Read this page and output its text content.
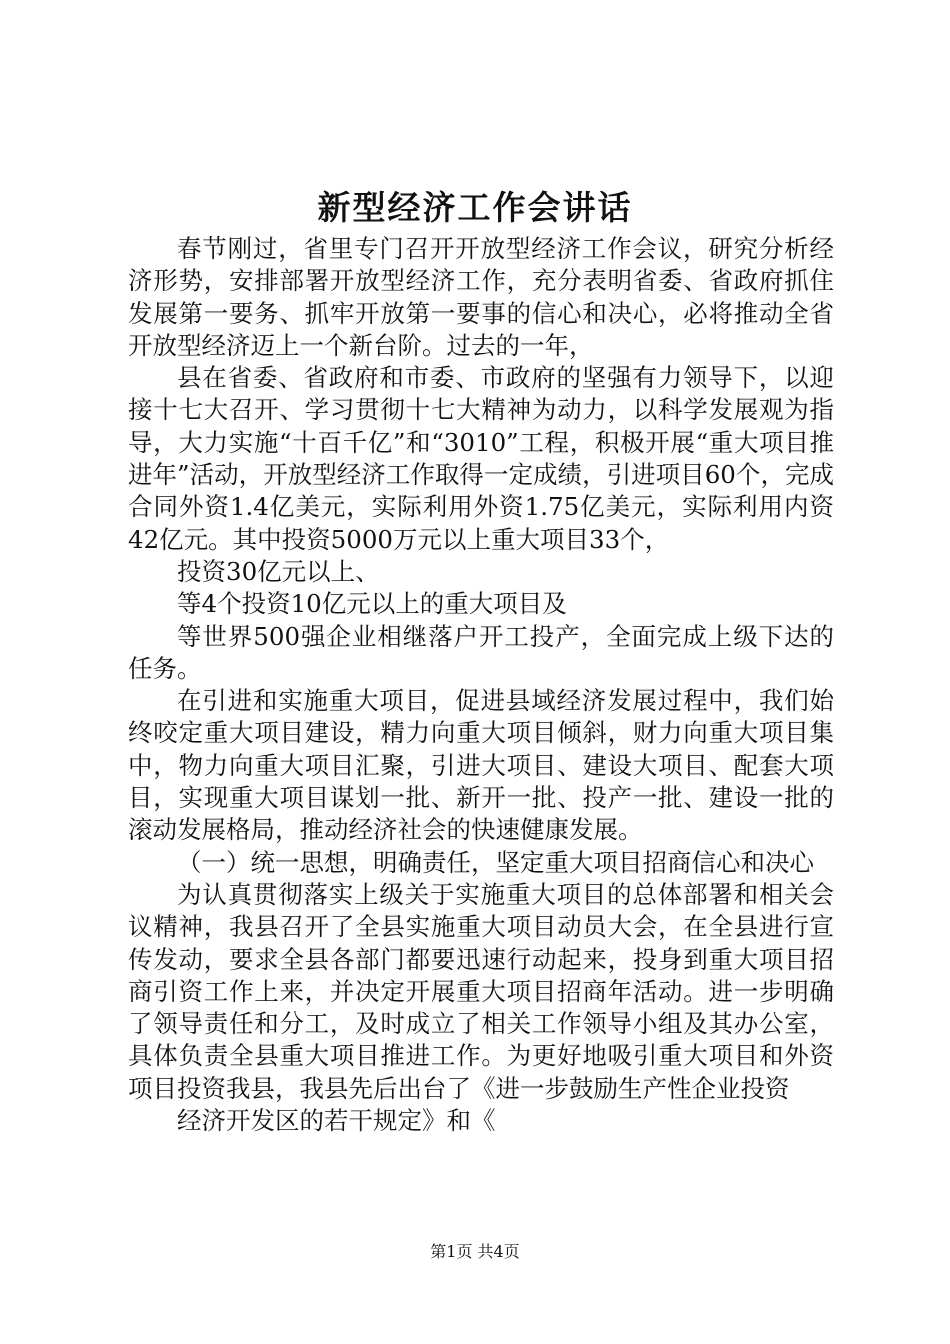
新型经济工作会讲话

春节刚过，省里专门召开开放型经济工作会议，研究分析经济形势，安排部署开放型经济工作，充分表明省委、省政府抓住发展第一要务、抓牢开放第一要事的信心和决心，必将推动全省开放型经济迈上一个新台阶。过去的一年，

县在省委、省政府和市委、市政府的坚强有力领导下，以迎接十七大召开、学习贯彻十七大精神为动力，以科学发展观为指导，大力实施“十百千亿”和“3010”工程，积极开展“重大项目推进年”活动，开放型经济工作取得一定成绩，引进项目60个，完成合同外资1.4亿美元，实际利用外资1.75亿美元，实际利用内资42亿元。其中投资5000万元以上重大项目33个，

投资30亿元以上、

等4个投资10亿元以上的重大项目及

等世界500强企业相继落户开工投产，全面完成上级下达的任务。

在引进和实施重大项目，促进县域经济发展过程中，我们始终咬定重大项目建设，精力向重大项目倾斜，财力向重大项目集中，物力向重大项目汇聚，引进大项目、建设大项目、配套大项目，实现重大项目谋划一批、新开一批、投产一批、建设一批的滚动发展格局，推动经济社会的快速健康发展。

（一）统一思想，明确责任，坚定重大项目招商信心和决心

为认真贯彻落实上级关于实施重大项目的总体部署和相关会议精神，我县召开了全县实施重大项目动员大会，在全县进行宣传发动，要求全县各部门都要迅速行动起来，投身到重大项目招商引资工作上来，并决定开展重大项目招商年活动。进一步明确了领导责任和分工，及时成立了相关工作领导小组及其办公室，具体负责全县重大项目推进工作。为更好地吸引重大项目和外资项目投资我县，我县先后出台了《进一步鼓励生产性企业投资

经济开发区的若干规定》和《

第1页 共4页
